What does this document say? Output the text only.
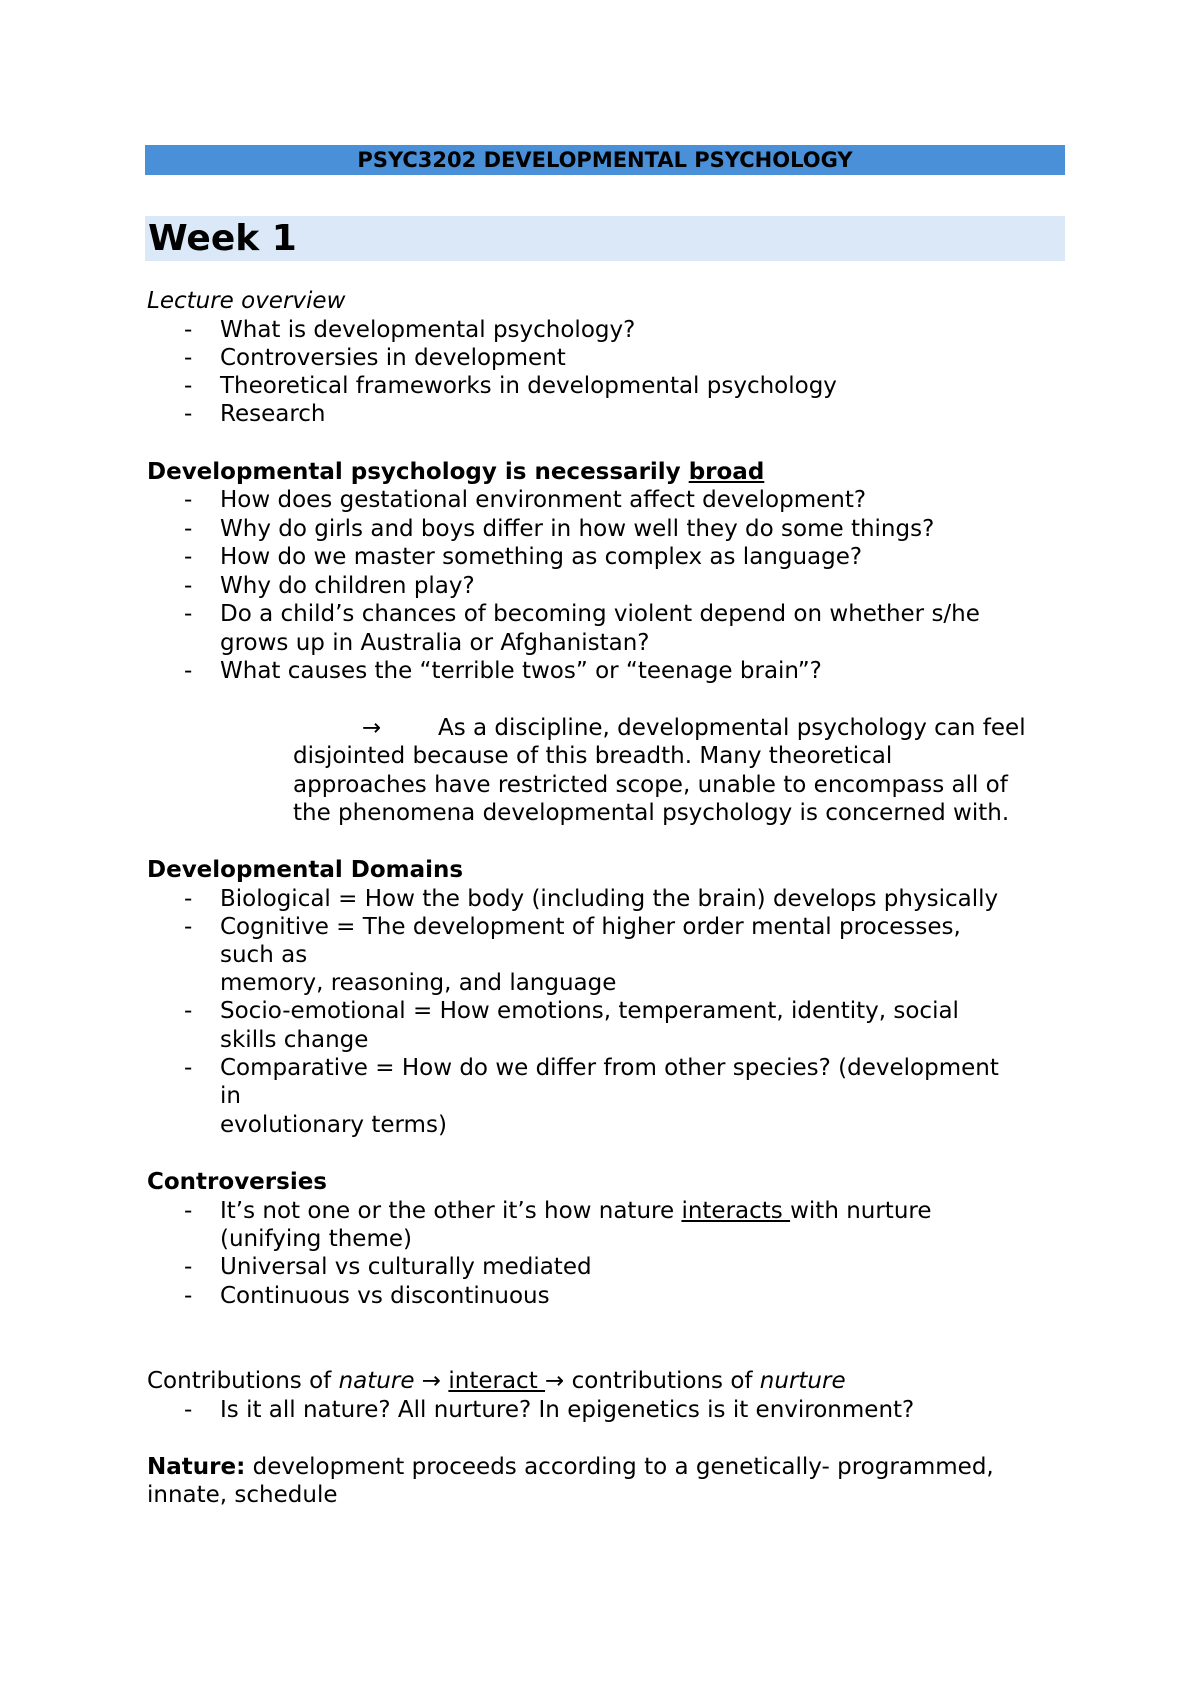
PSYC3202 DEVELOPMENTAL PSYCHOLOGY
Week 1
Lecture overview
- What is developmental psychology?
- Controversies in development
- Theoretical frameworks in developmental psychology
- Research
Developmental psychology is necessarily broad
- How does gestational environment affect development?
- Why do girls and boys differ in how well they do some things?
- How do we master something as complex as language?
- Why do children play?
- Do a child’s chances of becoming violent depend on whether s/he
grows up in Australia or Afghanistan?
- What causes the “terrible twos” or “teenage brain”?
→ As a discipline, developmental psychology can feel
disjointed because of this breadth. Many theoretical
approaches have restricted scope, unable to encompass all of
the phenomena developmental psychology is concerned with.
Developmental Domains
- Biological = How the body (including the brain) develops physically
- Cognitive = The development of higher order mental processes,
such as
memory, reasoning, and language
- Socio-emotional = How emotions, temperament, identity, social
skills change
- Comparative = How do we differ from other species? (development
in
evolutionary terms)
Controversies
- It’s not one or the other it’s how nature interacts with nurture
(unifying theme)
- Universal vs culturally mediated
- Continuous vs discontinuous
Contributions of nature → interact → contributions of nurture
- Is it all nature? All nurture? In epigenetics is it environment?
Nature: development proceeds according to a genetically- programmed,
innate, schedule
